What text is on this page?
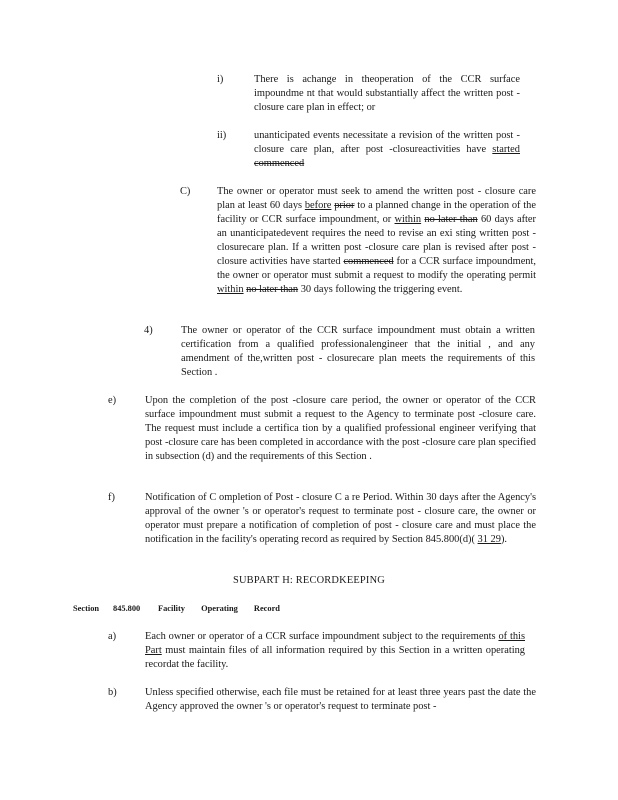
i)	There is achange in theoperation of the CCR surface impoundme nt that would substantially affect the written post -closure care plan in effect; or
ii)	unanticipated events necessitate a revision of the written post -closure care plan, after post -closureactivities have started commenced
C)	The owner or operator must seek to amend the written post - closure care plan at least 60 days before prior to a planned change in the operation of the facility or CCR surface impoundment, or within no later than 60 days after an unanticipatedevent requires the need to revise an exi sting written post -closurecare plan. If a written post -closure care plan is revised after post -closure activities have started commenced for a CCR surface impoundment, the owner or operator must submit a request to modify the operating permit within no later than 30 days following the triggering event.
4)	The owner or operator of the CCR surface impoundment must obtain a written certification from a qualified professionalengineer that the initial , and any amendment of the,written post - closurecare plan meets the requirements of this Section .
e)	Upon the completion of the post -closure care period, the owner or operator of the CCR surface impoundment must submit a request to the Agency to terminate post -closure care. The request must include a certifica tion by a qualified professional engineer verifying that post -closure care has been completed in accordance with the post -closure care plan specified in subsection (d) and the requirements of this Section .
f)	Notification of C ompletion of Post - closure C a re Period. Within 30 days after the Agency's approval of the owner 's or operator's request to terminate post - closure care, the owner or operator must prepare a notification of completion of post - closure care and must place the notification in the facility's operating record as required by Section 845.800(d)( 31 29).
SUBPART H: RECORDKEEPING
Section 845.800 Facility Operating Record
a)	Each owner or operator of a CCR surface impoundment subject to the requirements of this Part must maintain files of all information required by this Section in a written operating recordat the facility.
b)	Unless specified otherwise, each file must be retained for at least three years past the date the Agency approved the owner 's or operator's request to terminate post -
